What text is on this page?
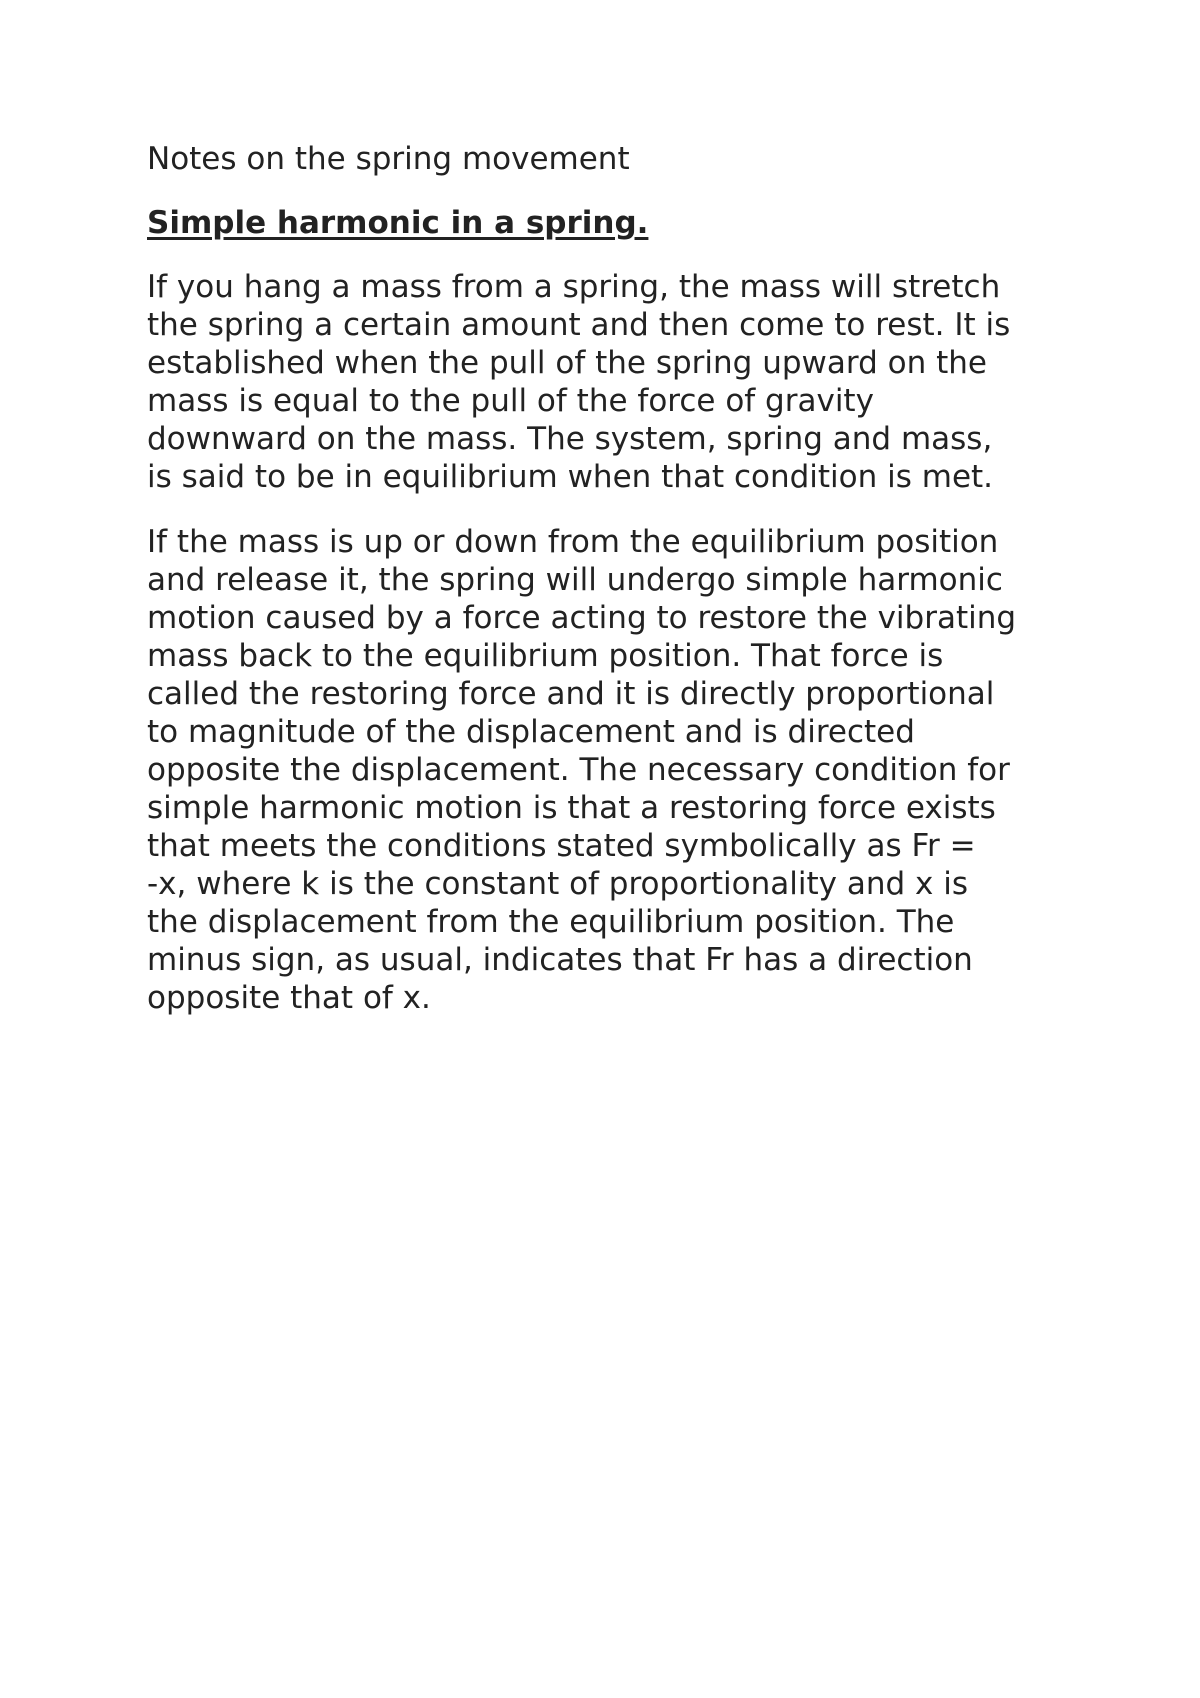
Notes on the spring movement
Simple harmonic in a spring.
If you hang a mass from a spring, the mass will stretch
the spring a certain amount and then come to rest. It is
established when the pull of the spring upward on the
mass is equal to the pull of the force of gravity
downward on the mass. The system, spring and mass,
is said to be in equilibrium when that condition is met.
If the mass is up or down from the equilibrium position
and release it, the spring will undergo simple harmonic
motion caused by a force acting to restore the vibrating
mass back to the equilibrium position. That force is
called the restoring force and it is directly proportional
to magnitude of the displacement and is directed
opposite the displacement. The necessary condition for
simple harmonic motion is that a restoring force exists
that meets the conditions stated symbolically as Fr =
-x, where k is the constant of proportionality and x is
the displacement from the equilibrium position. The
minus sign, as usual, indicates that Fr has a direction
opposite that of x.
